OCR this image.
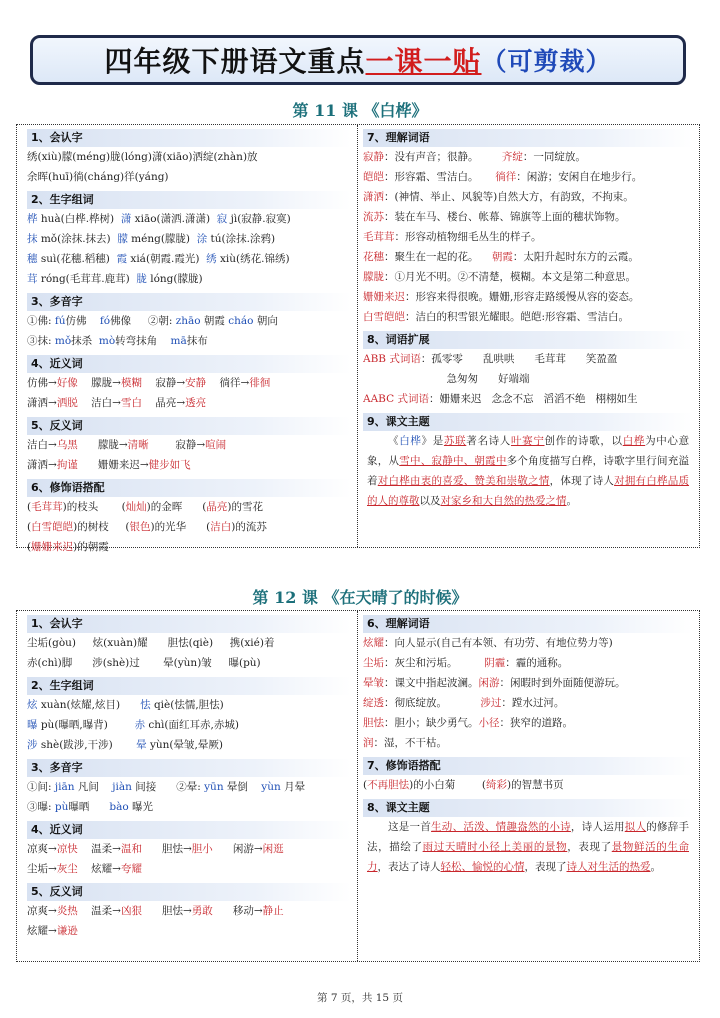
四年级下册语文重点 一课一贴 （可剪裁）
第 11 课 《白桦》
1、会认字
绣(xiù)朦(méng)胧(lóng)潇(xiāo)洒绽(zhàn)放
余晖(huī)徜(cháng)徉(yáng)
2、生字组词
桦 huà(白桦.桦树)  潇 xiāo(潇洒.潇潇)  寂 jì(寂静.寂寞)
抹 mǒ(涂抹.抹去)  朦 méng(朦胧)  涂 tú(涂抹.涂鸦)
穗 suì(花穗.稻穗)  霞 xiá(朝霞.霞光)  绣 xiù(绣花.锦绣)
茸 róng(毛茸茸.鹿茸)  胧 lóng(朦胧)
3、多音字
①佛: fú仿佛    fó佛像     ②朝: zhāo 朝霞 cháo 朝向
③抹: mǒ抹杀  mò转弯抹角    mā抹布
4、近义词
仿佛→好像    朦胧→模糊    寂静→安静    徜徉→徘徊
潇洒→洒脱    洁白→雪白    晶亮→透亮
5、反义词
洁白→乌黑      朦胧→清晰        寂静→喧闹
潇洒→拘谨      姗姗来迟→健步如飞
6、修饰语搭配
(毛茸茸)的枝头       (灿灿)的金晖      (晶亮)的雪花
(白雪皑皑)的树枝     (银色)的光华      (洁白)的流苏
(姗姗来迟)的朝霞
7、理解词语
寂静：没有声音；很静。       齐绽：一同绽放。
皑皑：形容霜、雪洁白。     徜徉：闲游；安闲自在地步行。
潇洒：(神情、举止、风貌等)自然大方，有韵致，不拘束。
流苏：装在车马、楼台、帐幕、锦旗等上面的穗状饰物。
毛茸茸：形容动植物细毛丛生的样子。
花穗：聚生在一起的花。    朝霞：太阳升起时东方的云霞。
朦胧：①月光不明。②不清楚，模糊。本文是第二种意思。
姗姗来迟：形容来得很晚。姗姗,形容走路缓慢从容的姿态。
白雪皑皑：洁白的积雪银光耀眼。皑皑:形容霜、雪洁白。
8、词语扩展
ABB 式词语：孤零零      乱哄哄      毛茸茸      笑盈盈
急匆匆      好端端
AABC 式词语：姗姗来迟   念念不忘   滔滔不绝   栩栩如生
9、课文主题
《白桦》是苏联著名诗人叶赛宁创作的诗歌，以白桦为中心意象，从雪中、寂静中、朝霞中多个角度描写白桦，诗歌字里行间充溢着对白桦由衷的喜爱、赞美和崇敬之情，体现了诗人对拥有白桦品质的人的尊敬以及对家乡和大自然的热爱之情。
第 12 课 《在天晴了的时候》
1、会认字
尘垢(gòu)     炫(xuàn)耀      胆怯(qiè)     携(xié)着
赤(chì)脚      涉(shè)过       晕(yùn)皱     曝(pù)
2、生字组词
炫 xuàn(炫耀,炫目)      怯 qiè(怯懦,胆怯)
曝 pù(曝晒,曝背)        赤 chì(面红耳赤,赤城)
涉 shè(跋涉,干涉)       晕 yùn(晕皱,晕厥)
3、多音字
①间: jiān 凡间    jiàn 间接      ②晕: yūn 晕倒    yùn 月晕
③曝: pù曝晒      bào 曝光
4、近义词
凉爽→凉快    温柔→温和      胆怯→胆小      闲游→闲逛
尘垢→灰尘    炫耀→夸耀
5、反义词
凉爽→炎热    温柔→凶狠      胆怯→勇敢      移动→静止
炫耀→谦逊
6、理解词语
炫耀：向人显示(自己有本领、有功劳、有地位势力等)
尘垢：灰尘和污垢。        阴霾：霾的通称。
晕皱：课文中指起波澜。闲游：闲暇时到外面随便游玩。
绽透：彻底绽放。          涉过：蹚水过河。
胆怯：胆小；缺少勇气。小径：狭窄的道路。
润：湿，不干枯。
7、修饰语搭配
(不再胆怯)的小白菊        (绮彩)的智慧书页
8、课文主题
这是一首生动、活泼、情趣盎然的小诗，诗人运用拟人的修辞手法，描绘了雨过天晴时小径上美丽的景物，表现了景物鲜活的生命力，表达了诗人轻松、愉悦的心情，表现了诗人对生活的热爱。
第 7 页，共 15 页
